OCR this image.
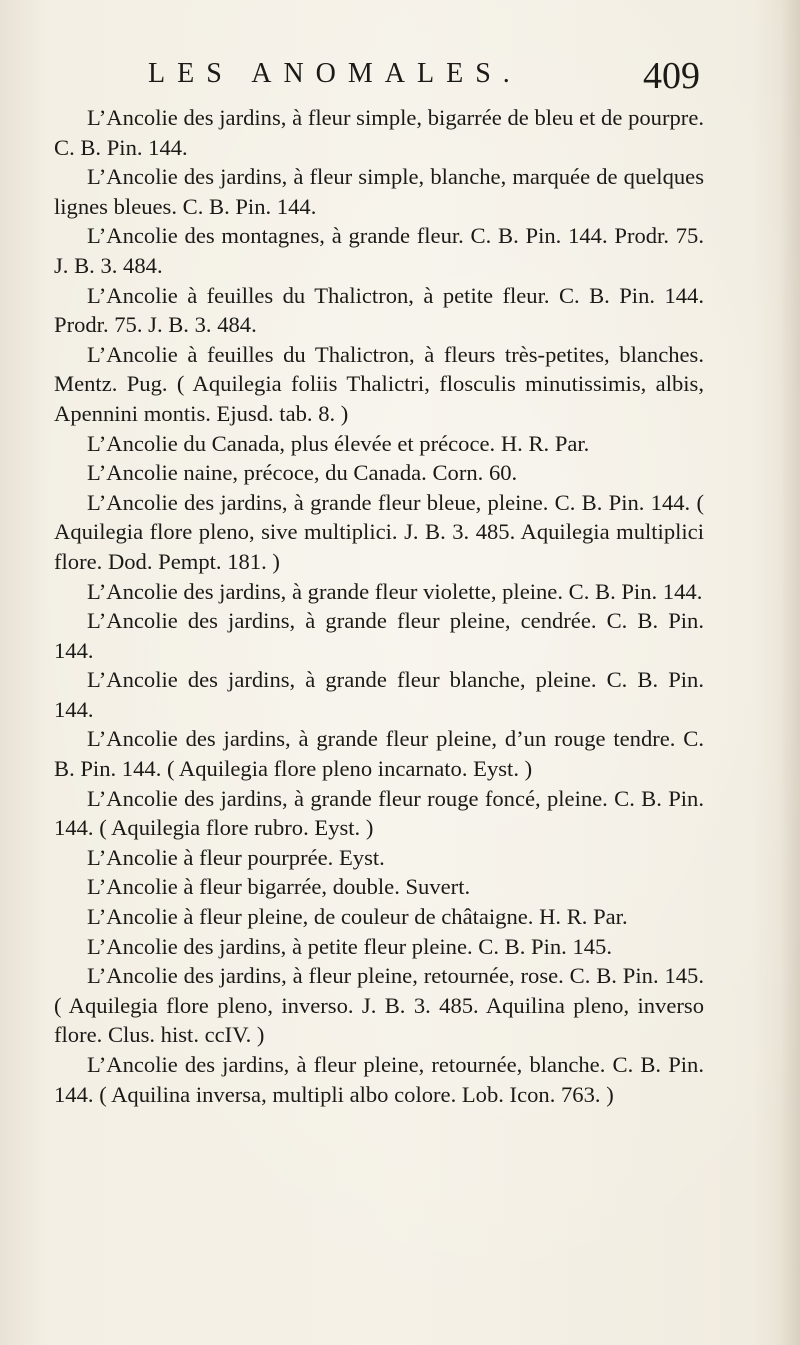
LES ANOMALES.	409

L’Ancolie des jardins, à fleur simple, bigarrée de bleu et de pourpre. C. B. Pin. 144.

L’Ancolie des jardins, à fleur simple, blanche, marquée de quelques lignes bleues. C. B. Pin. 144.

L’Ancolie des montagnes, à grande fleur. C. B. Pin. 144. Prodr. 75. J. B. 3. 484.

L’Ancolie à feuilles du Thalictron, à petite fleur. C. B. Pin. 144. Prodr. 75. J. B. 3. 484.

L’Ancolie à feuilles du Thalictron, à fleurs très-petites, blanches. Mentz. Pug. ( Aquilegia foliis Thalictri, flosculis minutissimis, albis, Apennini montis. Ejusd. tab. 8. )

L’Ancolie du Canada, plus élevée et précoce. H. R. Par.

L’Ancolie naine, précoce, du Canada. Corn. 60.

L’Ancolie des jardins, à grande fleur bleue, pleine. C. B. Pin. 144. ( Aquilegia flore pleno, sive multiplici. J. B. 3. 485. Aquilegia multiplici flore. Dod. Pempt. 181. )

L’Ancolie des jardins, à grande fleur violette, pleine. C. B. Pin. 144.

L’Ancolie des jardins, à grande fleur pleine, cendrée. C. B. Pin. 144.

L’Ancolie des jardins, à grande fleur blanche, pleine. C. B. Pin. 144.

L’Ancolie des jardins, à grande fleur pleine, d’un rouge tendre. C. B. Pin. 144. ( Aquilegia flore pleno incarnato. Eyst. )

L’Ancolie des jardins, à grande fleur rouge foncé, pleine. C. B. Pin. 144. ( Aquilegia flore rubro. Eyst. )

L’Ancolie à fleur pourprée. Eyst.

L’Ancolie à fleur bigarrée, double. Suvert.

L’Ancolie à fleur pleine, de couleur de châtaigne. H. R. Par.

L’Ancolie des jardins, à petite fleur pleine. C. B. Pin. 145.

L’Ancolie des jardins, à fleur pleine, retournée, rose. C. B. Pin. 145. ( Aquilegia flore pleno, inverso. J. B. 3. 485. Aquilina pleno, inverso flore. Clus. hist. ccIV. )

L’Ancolie des jardins, à fleur pleine, retournée, blanche. C. B. Pin. 144. ( Aquilina inversa, multipli albo colore. Lob. Icon. 763. )
